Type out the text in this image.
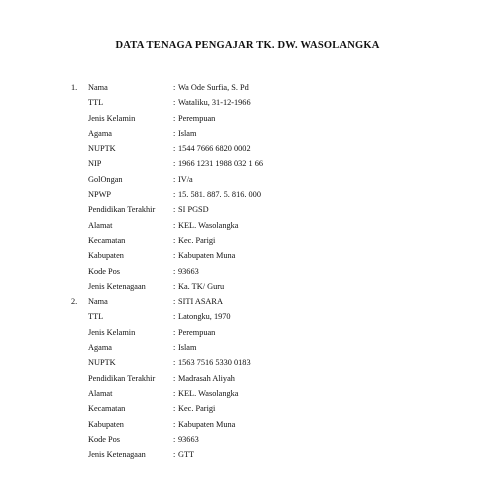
DATA TENAGA PENGAJAR TK. DW. WASOLANGKA
1.	Nama	: Wa Ode Surfia, S. Pd
TTL	: Wataliku, 31-12-1966
Jenis Kelamin	: Perempuan
Agama	: Islam
NUPTK	: 1544 7666 6820 0002
NIP	: 1966 1231 1988 032 1 66
GolOngan	: IV/a
NPWP	: 15. 581. 887. 5. 816. 000
Pendidikan Terakhir : SI PGSD
Alamat	: KEL. Wasolangka
Kecamatan	: Kec. Parigi
Kabupaten	: Kabupaten Muna
Kode Pos	: 93663
Jenis Ketenagaan	: Ka. TK/ Guru
2.	Nama	: SITI ASARA
TTL	: Latongku, 1970
Jenis Kelamin	: Perempuan
Agama	: Islam
NUPTK	: 1563 7516 5330 0183
Pendidikan Terakhir : Madrasah Aliyah
Alamat	: KEL. Wasolangka
Kecamatan	: Kec. Parigi
Kabupaten	: Kabupaten Muna
Kode Pos	: 93663
Jenis Ketenagaan	: GTT
